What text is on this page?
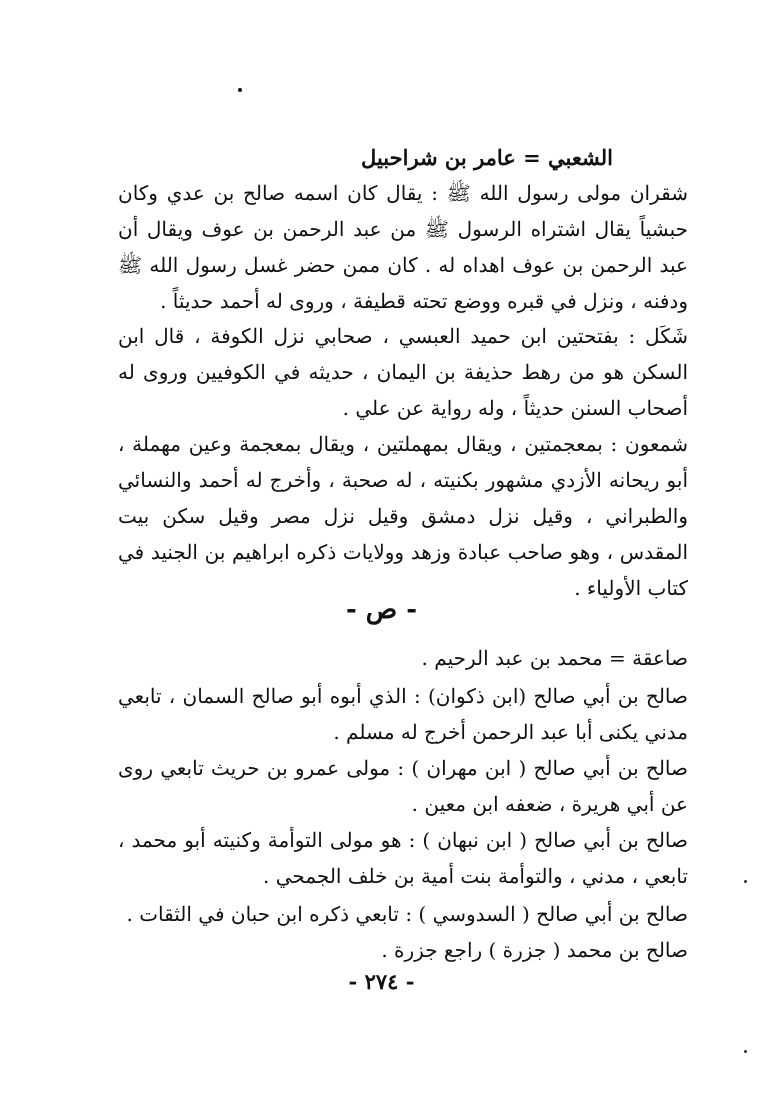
الشعبي = عامر بن شراحبيل
شقران مولى رسول الله ﷺ : يقال كان اسمه صالح بن عدي وكان حبشياً يقال اشتراه الرسول ﷺ من عبد الرحمن بن عوف ويقال أن عبد الرحمن بن عوف اهداه له . كان ممن حضر غسل رسول الله ﷺ ودفنه ، ونزل في قبره ووضع تحته قطيفة ، وروى له أحمد حديثاً .
شَكَل : بفتحتين ابن حميد العبسي ، صحابي نزل الكوفة ، قال ابن السكن هو من رهط حذيفة بن اليمان ، حديثه في الكوفيين وروى له أصحاب السنن حديثاً ، وله رواية عن علي .
شمعون : بمعجمتين ، ويقال بمهملتين ، ويقال بمعجمة وعين مهملة ، أبو ريحانه الأزدي مشهور بكنيته ، له صحبة ، وأخرج له أحمد والنسائي والطبراني ، وقيل نزل دمشق وقيل نزل مصر وقيل سكن بيت المقدس ، وهو صاحب عبادة وزهد وولايات ذكره ابراهيم بن الجنيد في كتاب الأولياء .
- ص -
صاعقة = محمد بن عبد الرحيم .
صالح بن أبي صالح (ابن ذكوان) : الذي أبوه أبو صالح السمان ، تابعي مدني يكنى أبا عبد الرحمن أخرج له مسلم .
صالح بن أبي صالح ( ابن مهران ) : مولى عمرو بن حريث تابعي روى عن أبي هريرة ، ضعفه ابن معين .
صالح بن أبي صالح ( ابن نبهان ) : هو مولى التوأمة وكنيته أبو محمد ، تابعي ، مدني ، والتوأمة بنت أمية بن خلف الجمحي .
صالح بن أبي صالح ( السدوسي ) : تابعي ذكره ابن حبان في الثقات .
صالح بن محمد ( جزرة ) راجع جزرة .
- ٢٧٤ -
